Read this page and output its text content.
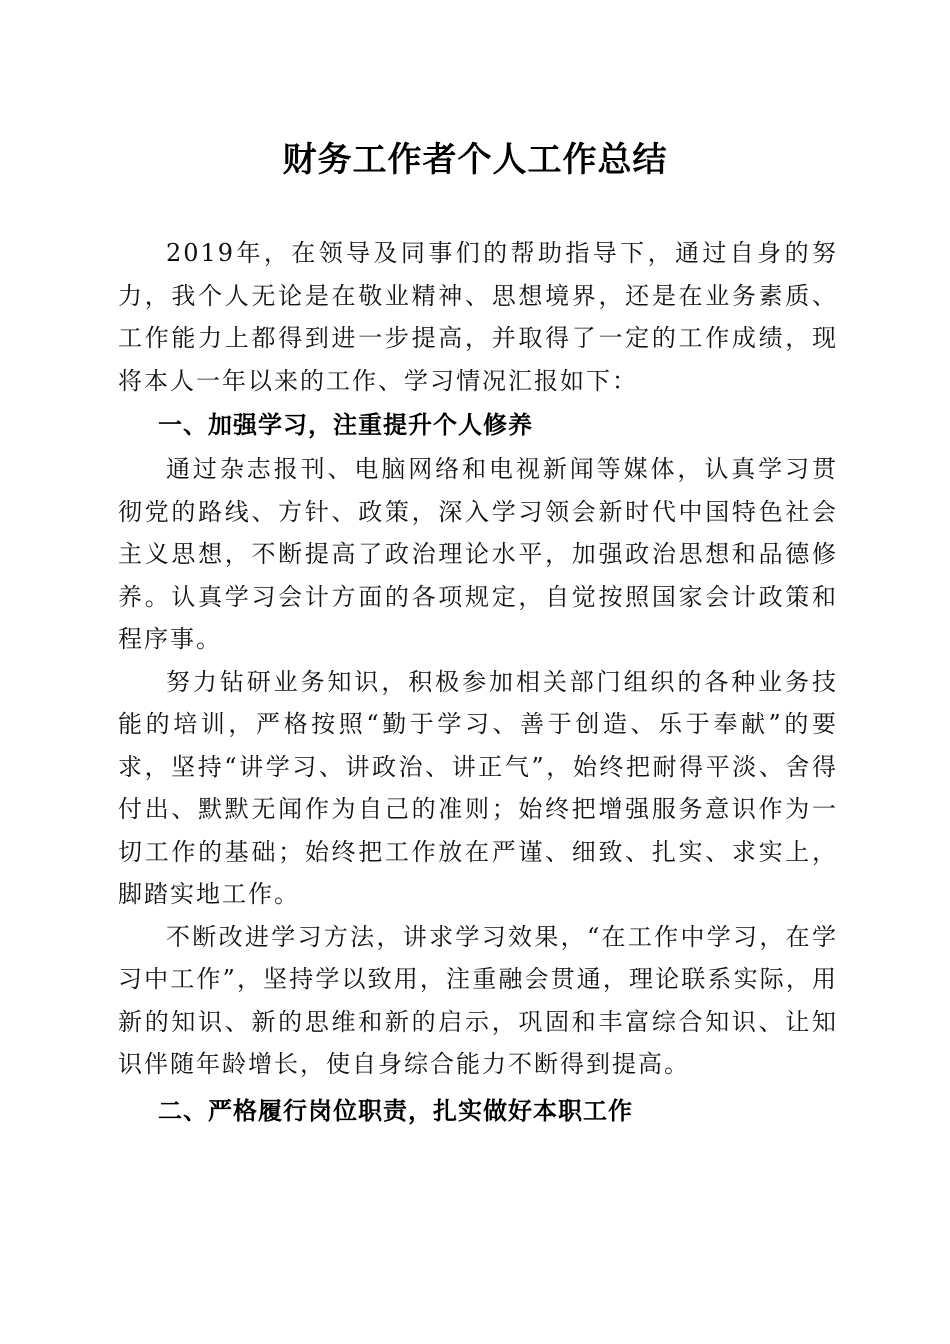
财务工作者个人工作总结

2019年，在领导及同事们的帮助指导下，通过自身的努力，我个人无论是在敬业精神、思想境界，还是在业务素质、工作能力上都得到进一步提高，并取得了一定的工作成绩，现将本人一年以来的工作、学习情况汇报如下：

一、加强学习，注重提升个人修养

通过杂志报刊、电脑网络和电视新闻等媒体，认真学习贯彻党的路线、方针、政策，深入学习领会新时代中国特色社会主义思想，不断提高了政治理论水平，加强政治思想和品德修养。认真学习会计方面的各项规定，自觉按照国家会计政策和程序事。

努力钻研业务知识，积极参加相关部门组织的各种业务技能的培训，严格按照“勤于学习、善于创造、乐于奉献”的要求，坚持“讲学习、讲政治、讲正气”，始终把耐得平淡、舍得付出、默默无闻作为自己的准则；始终把增强服务意识作为一切工作的基础；始终把工作放在严谨、细致、扎实、求实上，脚踏实地工作。

不断改进学习方法，讲求学习效果，“在工作中学习，在学习中工作”，坚持学以致用，注重融会贯通，理论联系实际，用新的知识、新的思维和新的启示，巩固和丰富综合知识、让知识伴随年龄增长，使自身综合能力不断得到提高。

二、严格履行岗位职责，扎实做好本职工作
